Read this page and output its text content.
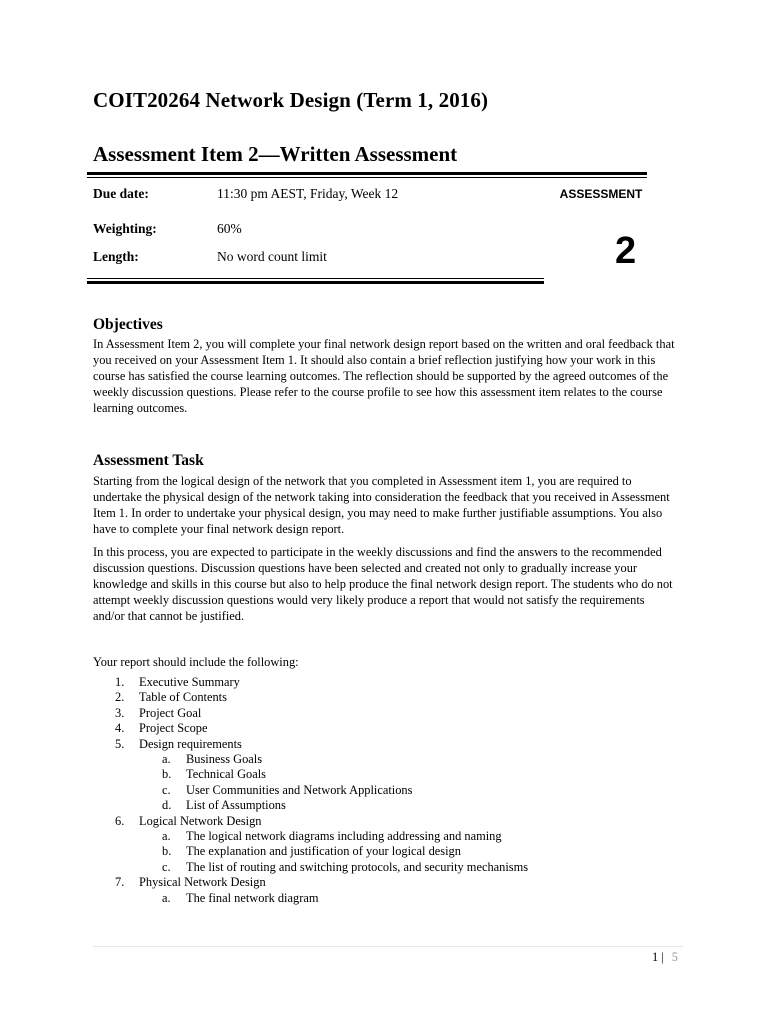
COIT20264 Network Design (Term 1, 2016)
Assessment Item 2—Written Assessment
Due date:	11:30 pm AEST, Friday, Week 12
Weighting:	60%
Length:	No word count limit
ASSESSMENT
2
Objectives
In Assessment Item 2, you will complete your final network design report based on the written and oral feedback that you received on your Assessment Item 1. It should also contain a brief reflection justifying how your work in this course has satisfied the course learning outcomes. The reflection should be supported by the agreed outcomes of the weekly discussion questions. Please refer to the course profile to see how this assessment item relates to the course learning outcomes.
Assessment Task
Starting from the logical design of the network that you completed in Assessment item 1, you are required to undertake the physical design of the network taking into consideration the feedback that you received in Assessment Item 1. In order to undertake your physical design, you may need to make further justifiable assumptions. You also have to complete your final network design report.
In this process, you are expected to participate in the weekly discussions and find the answers to the recommended discussion questions. Discussion questions have been selected and created not only to gradually increase your knowledge and skills in this course but also to help produce the final network design report. The students who do not attempt weekly discussion questions would very likely produce a report that would not satisfy the requirements and/or that cannot be justified.
Your report should include the following:
1. Executive Summary
2. Table of Contents
3. Project Goal
4. Project Scope
5. Design requirements
a. Business Goals
b. Technical Goals
c. User Communities and Network Applications
d. List of Assumptions
6. Logical Network Design
a. The logical network diagrams including addressing and naming
b. The explanation and justification of your logical design
c. The list of routing and switching protocols, and security mechanisms
7. Physical Network Design
a. The final network diagram
1 | 5
